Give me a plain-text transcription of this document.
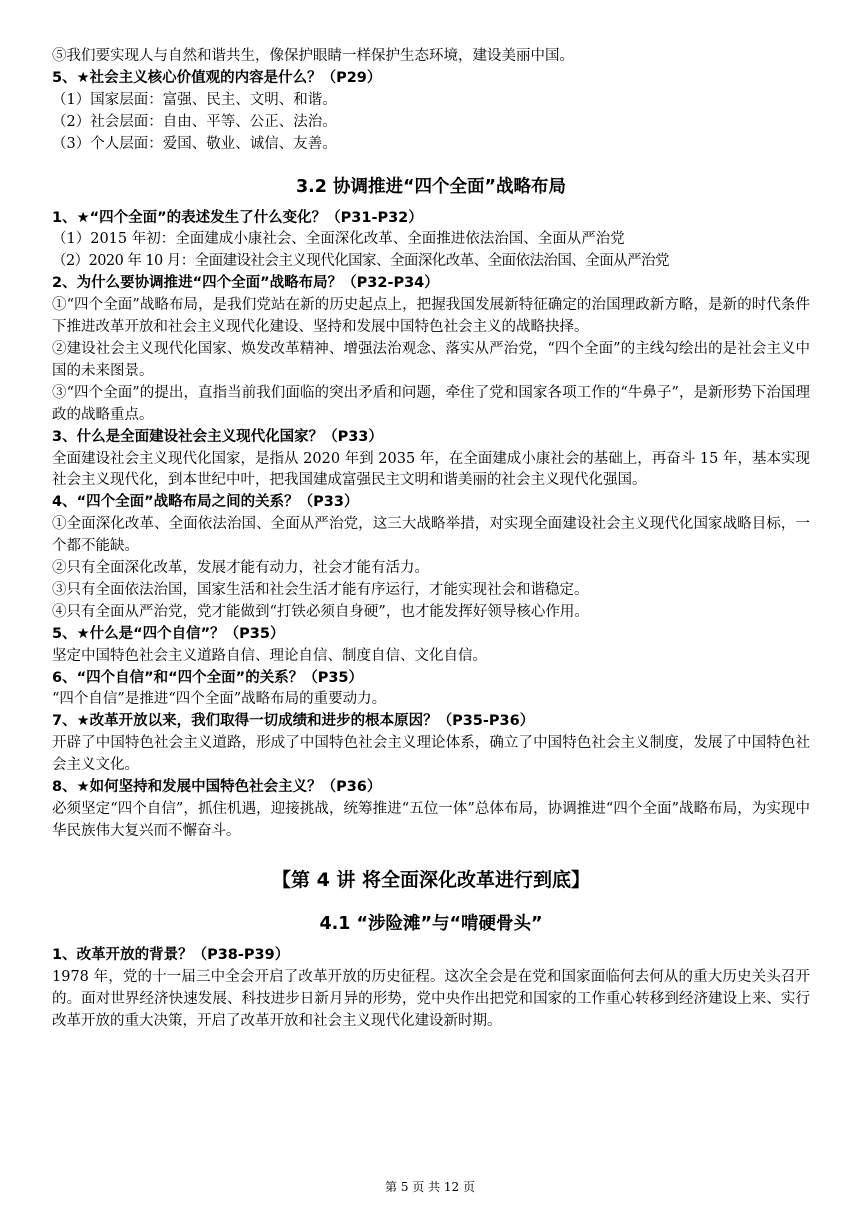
⑤我们要实现人与自然和谐共生，像保护眼睛一样保护生态环境，建设美丽中国。
5、★社会主义核心价值观的内容是什么？（P29）
（1）国家层面：富强、民主、文明、和谐。
（2）社会层面：自由、平等、公正、法治。
（3）个人层面：爱国、敬业、诚信、友善。
3.2 协调推进“四个全面”战略布局
1、★“四个全面”的表述发生了什么变化？（P31-P32）
（1）2015 年初：全面建成小康社会、全面深化改革、全面推进依法治国、全面从严治党
（2）2020 年 10 月：全面建设社会主义现代化国家、全面深化改革、全面依法治国、全面从严治党
2、为什么要协调推进“四个全面”战略布局？（P32-P34）
①“四个全面”战略布局，是我们党站在新的历史起点上，把握我国发展新特征确定的治国理政新方略，是新的时代条件下推进改革开放和社会主义现代化建设、坚持和发展中国特色社会主义的战略抉择。
②建设社会主义现代化国家、焕发改革精神、增强法治观念、落实从严治党，“四个全面”的主线勾绘出的是社会主义中国的未来图景。
③“四个全面”的提出，直指当前我们面临的突出矛盾和问题，牵住了党和国家各项工作的“牛鼻子”，是新形势下治国理政的战略重点。
3、什么是全面建设社会主义现代化国家？（P33）
全面建设社会主义现代化国家，是指从 2020 年到 2035 年，在全面建成小康社会的基础上，再奋斗 15 年，基本实现社会主义现代化，到本世纪中叶，把我国建成富强民主文明和谐美丽的社会主义现代化强国。
4、“四个全面”战略布局之间的关系？（P33）
①全面深化改革、全面依法治国、全面从严治党，这三大战略举措，对实现全面建设社会主义现代化国家战略目标，一个都不能缺。
②只有全面深化改革，发展才能有动力，社会才能有活力。
③只有全面依法治国，国家生活和社会生活才能有序运行，才能实现社会和谐稳定。
④只有全面从严治党，党才能做到“打铁必须自身硬”，也才能发挥好领导核心作用。
5、★什么是“四个自信”？（P35）
坚定中国特色社会主义道路自信、理论自信、制度自信、文化自信。
6、“四个自信”和“四个全面”的关系？（P35）
“四个自信”是推进“四个全面”战略布局的重要动力。
7、★改革开放以来，我们取得一切成绩和进步的根本原因？（P35-P36）
开辟了中国特色社会主义道路，形成了中国特色社会主义理论体系，确立了中国特色社会主义制度，发展了中国特色社会主义文化。
8、★如何坚持和发展中国特色社会主义？（P36）
必须坚定“四个自信”，抓住机遇，迎接挑战，统筹推进“五位一体”总体布局，协调推进“四个全面”战略布局，为实现中华民族伟大复兴而不懈奋斗。
【第 4 讲 将全面深化改革进行到底】
4.1 “涉险滩”与“啃硬骨头”
1、改革开放的背景？（P38-P39）
1978 年，党的十一届三中全会开启了改革开放的历史征程。这次全会是在党和国家面临何去何从的重大历史关头召开的。面对世界经济快速发展、科技进步日新月异的形势，党中央作出把党和国家的工作重心转移到经济建设上来、实行改革开放的重大决策，开启了改革开放和社会主义现代化建设新时期。
第 5 页 共 12 页
